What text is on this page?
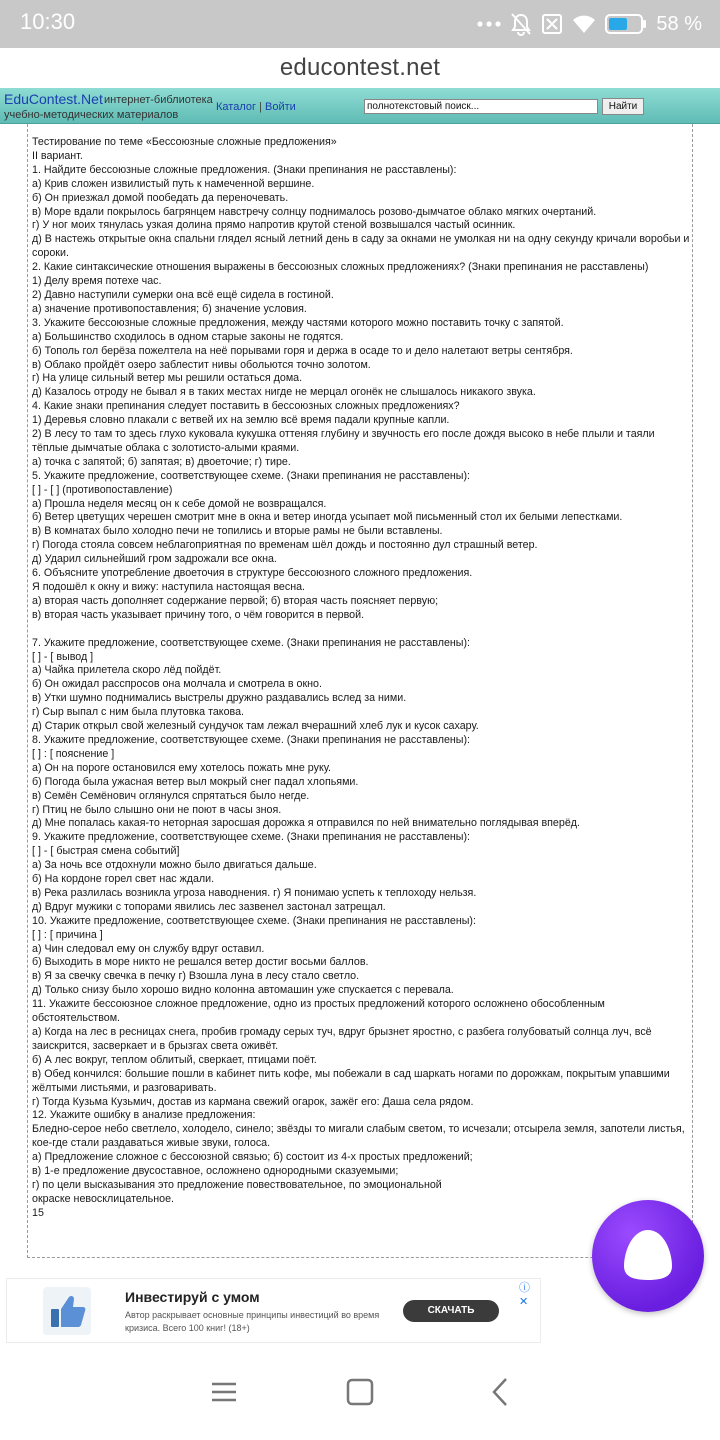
10:30	58 %
educontest.net
EduContest.Net интернет-библиотека
учебно-методических материалов
Каталог | Войти	полнотекстовый поиск...	Найти
Тестирование по теме «Бессоюзные сложные предложения»
II вариант.
1. Найдите бессоюзные сложные предложения. (Знаки препинания не расставлены):
а) Крив сложен извилистый путь к намеченной вершине.
б) Он приезжал домой пообедать да переночевать.
в) Море вдали покрылось багрянцем навстречу солнцу поднималось розово-дымчатое облако мягких очертаний.
г) У ног моих тянулась узкая долина прямо напротив крутой стеной возвышался частый осинник.
д) В настежь открытые окна спальни глядел ясный летний день в саду за окнами не умолкая ни на одну секунду кричали воробьи и сороки.
2. Какие синтаксические отношения выражены в бессоюзных сложных предложениях? (Знаки препинания не расставлены)
1) Делу время потехе час.
2) Давно наступили сумерки она всё ещё сидела в гостиной.
а) значение противопоставления; б) значение условия.
3. Укажите бессоюзные сложные предложения, между частями которого можно поставить точку с запятой.
а) Большинство сходилось в одном старые законы не годятся.
б) Тополь гол берёза пожелтела на неё порывами горя и держа в осаде то и дело налетают ветры сентября.
в) Облако пройдёт озеро заблестит нивы обольются точно золотом.
г) На улице сильный ветер мы решили остаться дома.
д) Казалось отроду не бывал я в таких местах нигде не мерцал огонёк не слышалось никакого звука.
4. Какие знаки препинания следует поставить в бессоюзных сложных предложениях?
1) Деревья словно плакали с ветвей их на землю всё время падали крупные капли.
2) В лесу то там то здесь глухо куковала кукушка оттеняя глубину и звучность его после дождя высоко в небе плыли и таяли тёплые дымчатые облака с золотисто-алыми краями.
а) точка с запятой; б) запятая; в) двоеточие; г) тире.
5. Укажите предложение, соответствующее схеме. (Знаки препинания не расставлены):
[ ] - [ ] (противопоставление)
а) Прошла неделя месяц он к себе домой не возвращался.
б) Ветер цветущих черешен смотрит мне в окна и ветер иногда усыпает мой письменный стол их белыми лепестками.
в) В комнатах было холодно печи не топились и вторые рамы не были вставлены.
г) Погода стояла совсем неблагоприятная по временам шёл дождь и постоянно дул страшный ветер.
д) Ударил сильнейший гром задрожали все окна.
6. Объясните употребление двоеточия в структуре бессоюзного сложного предложения.
Я подошёл к окну и вижу: наступила настоящая весна.
а) вторая часть дополняет содержание первой; б) вторая часть поясняет первую;
в) вторая часть указывает причину того, о чём говорится в первой.

7. Укажите предложение, соответствующее схеме. (Знаки препинания не расставлены):
[ ] - [ вывод ]
а) Чайка прилетела скоро лёд пойдёт.
б) Он ожидал расспросов она молчала и смотрела в окно.
в) Утки шумно поднимались выстрелы дружно раздавались вслед за ними.
г) Сыр выпал с ним была плутовка такова.
д) Старик открыл свой железный сундучок там лежал вчерашний хлеб лук и кусок сахару.
8. Укажите предложение, соответствующее схеме. (Знаки препинания не расставлены):
[ ] : [ пояснение ]
а) Он на пороге остановился ему хотелось пожать мне руку.
б) Погода была ужасная ветер выл мокрый снег падал хлопьями.
в) Семён Семёнович оглянулся спрятаться было негде.
г) Птиц не было слышно они не поют в часы зноя.
д) Мне попалась какая-то неторная заросшая дорожка я отправился по ней внимательно поглядывая вперёд.
9. Укажите предложение, соответствующее схеме. (Знаки препинания не расставлены):
[ ] - [ быстрая смена событий]
а) За ночь все отдохнули можно было двигаться дальше.
б) На кордоне горел свет нас ждали.
в) Река разлилась возникла угроза наводнения. г) Я понимаю успеть к теплоходу нельзя.
д) Вдруг мужики с топорами явились лес зазвенел застонал затрещал.
10. Укажите предложение, соответствующее схеме. (Знаки препинания не расставлены):
[ ] : [ причина ]
а) Чин следовал ему он службу вдруг оставил.
б) Выходить в море никто не решался ветер достиг восьми баллов.
в) Я за свечку свечка в печку г) Взошла луна в лесу стало светло.
д) Только снизу было хорошо видно колонна автомашин уже спускается с перевала.
11. Укажите бессоюзное сложное предложение, одно из простых предложений которого осложнено обособленным обстоятельством.
а) Когда на лес в ресницах снега, пробив громаду серых туч, вдруг брызнет яростно, с разбега голубоватый солнца луч, всё заискрится, засверкает и в брызгах света оживёт.
б) А лес вокруг, теплом облитый, сверкает, птицами поёт.
в) Обед кончился: большие пошли в кабинет пить кофе, мы побежали в сад шаркать ногами по дорожкам, покрытым упавшими жёлтыми листьями, и разговаривать.
г) Тогда Кузьма Кузьмич, достав из кармана свежий огарок, зажёг его: Даша села рядом.
12. Укажите ошибку в анализе предложения:
Бледно-серое небо светлело, холодело, синело; звёзды то мигали слабым светом, то исчезали; отсырела земля, запотели листья, кое-где стали раздаваться живые звуки, голоса.
а) Предложение сложное с бессоюзной связью; б) состоит из 4-х простых предложений;
в) 1-е предложение двусоставное, осложнено однородными сказуемыми;
г) по цели высказывания это предложение повествовательное, по эмоциональной
окраске невосклицательное.
15
Инвестируй с умом
Автор раскрывает основные принципы инвестиций во время кризиса. Всего 100 книг! (18+)
СКАЧАТЬ
ⓘ ✕
